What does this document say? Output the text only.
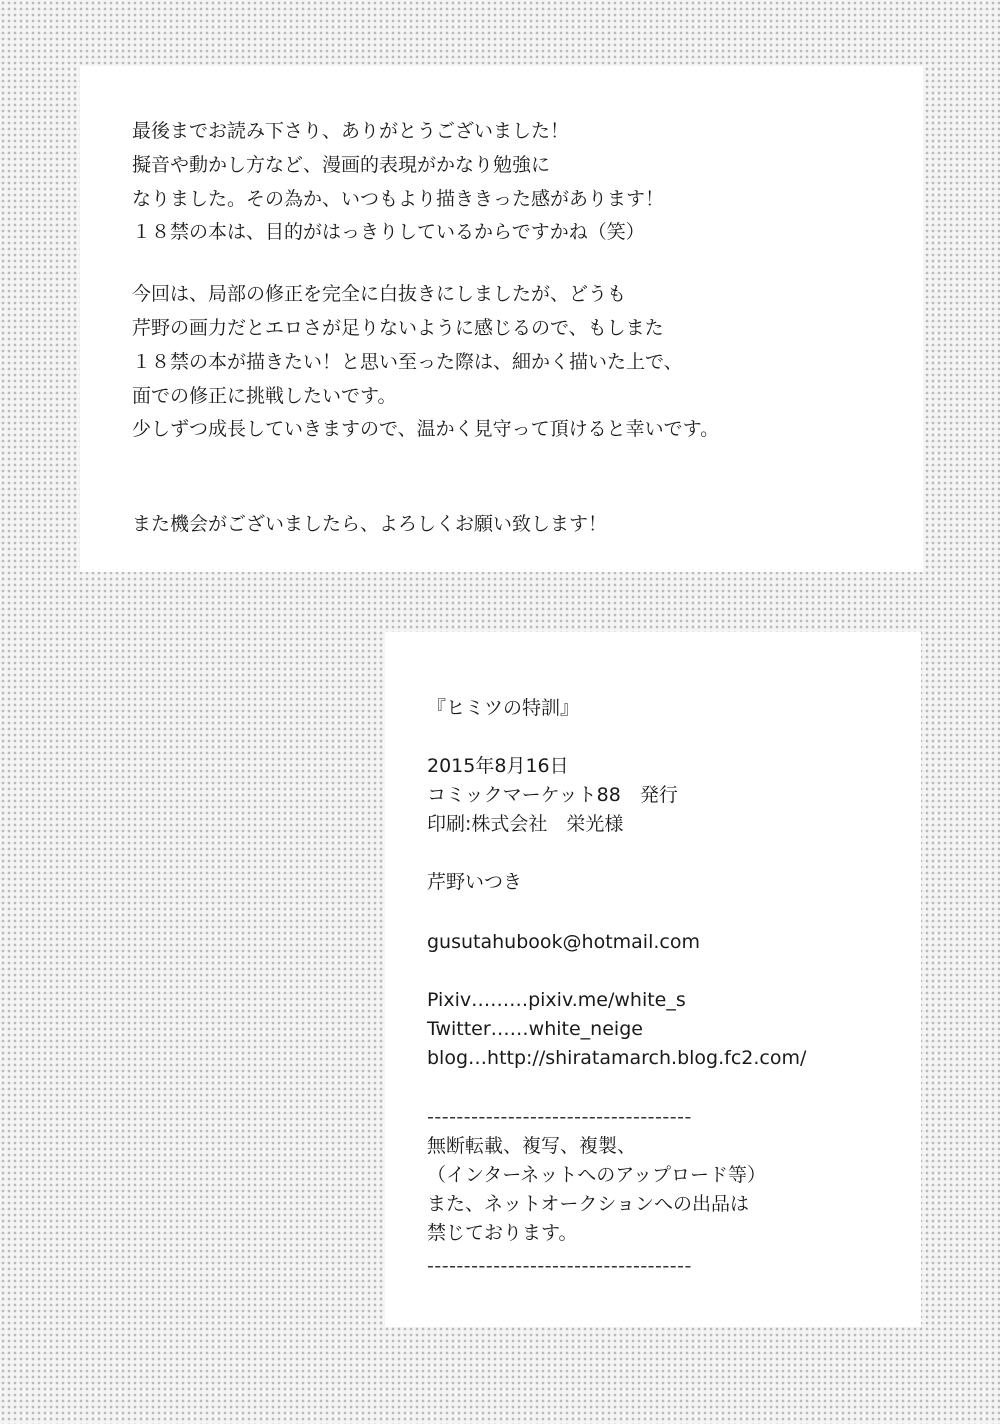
最後までお読み下さり、ありがとうございました！

擬音や動かし方など、漫画的表現がかなり勉強に

なりました。その為か、いつもより描ききった感があります！

１８禁の本は、目的がはっきりしているからですかね（笑）

今回は、局部の修正を完全に白抜きにしましたが、どうも

芹野の画力だとエロさが足りないように感じるので、もしまた

１８禁の本が描きたい！と思い至った際は、細かく描いた上で、

面での修正に挑戦したいです。

少しずつ成長していきますので、温かく見守って頂けると幸いです。

また機会がございましたら、よろしくお願い致します！

『ヒミツの特訓』

2015年8月16日

コミックマーケット88　発行

印刷:株式会社　栄光様

芹野いつき

gusutahubook@hotmail.com

Pixiv………pixiv.me/white_s

Twitter……white_neige

blog…http://shiratamarch.blog.fc2.com/

------------------------------------

無断転載、複写、複製、

（インターネットへのアップロード等）

また、ネットオークションへの出品は

禁じております。

------------------------------------
